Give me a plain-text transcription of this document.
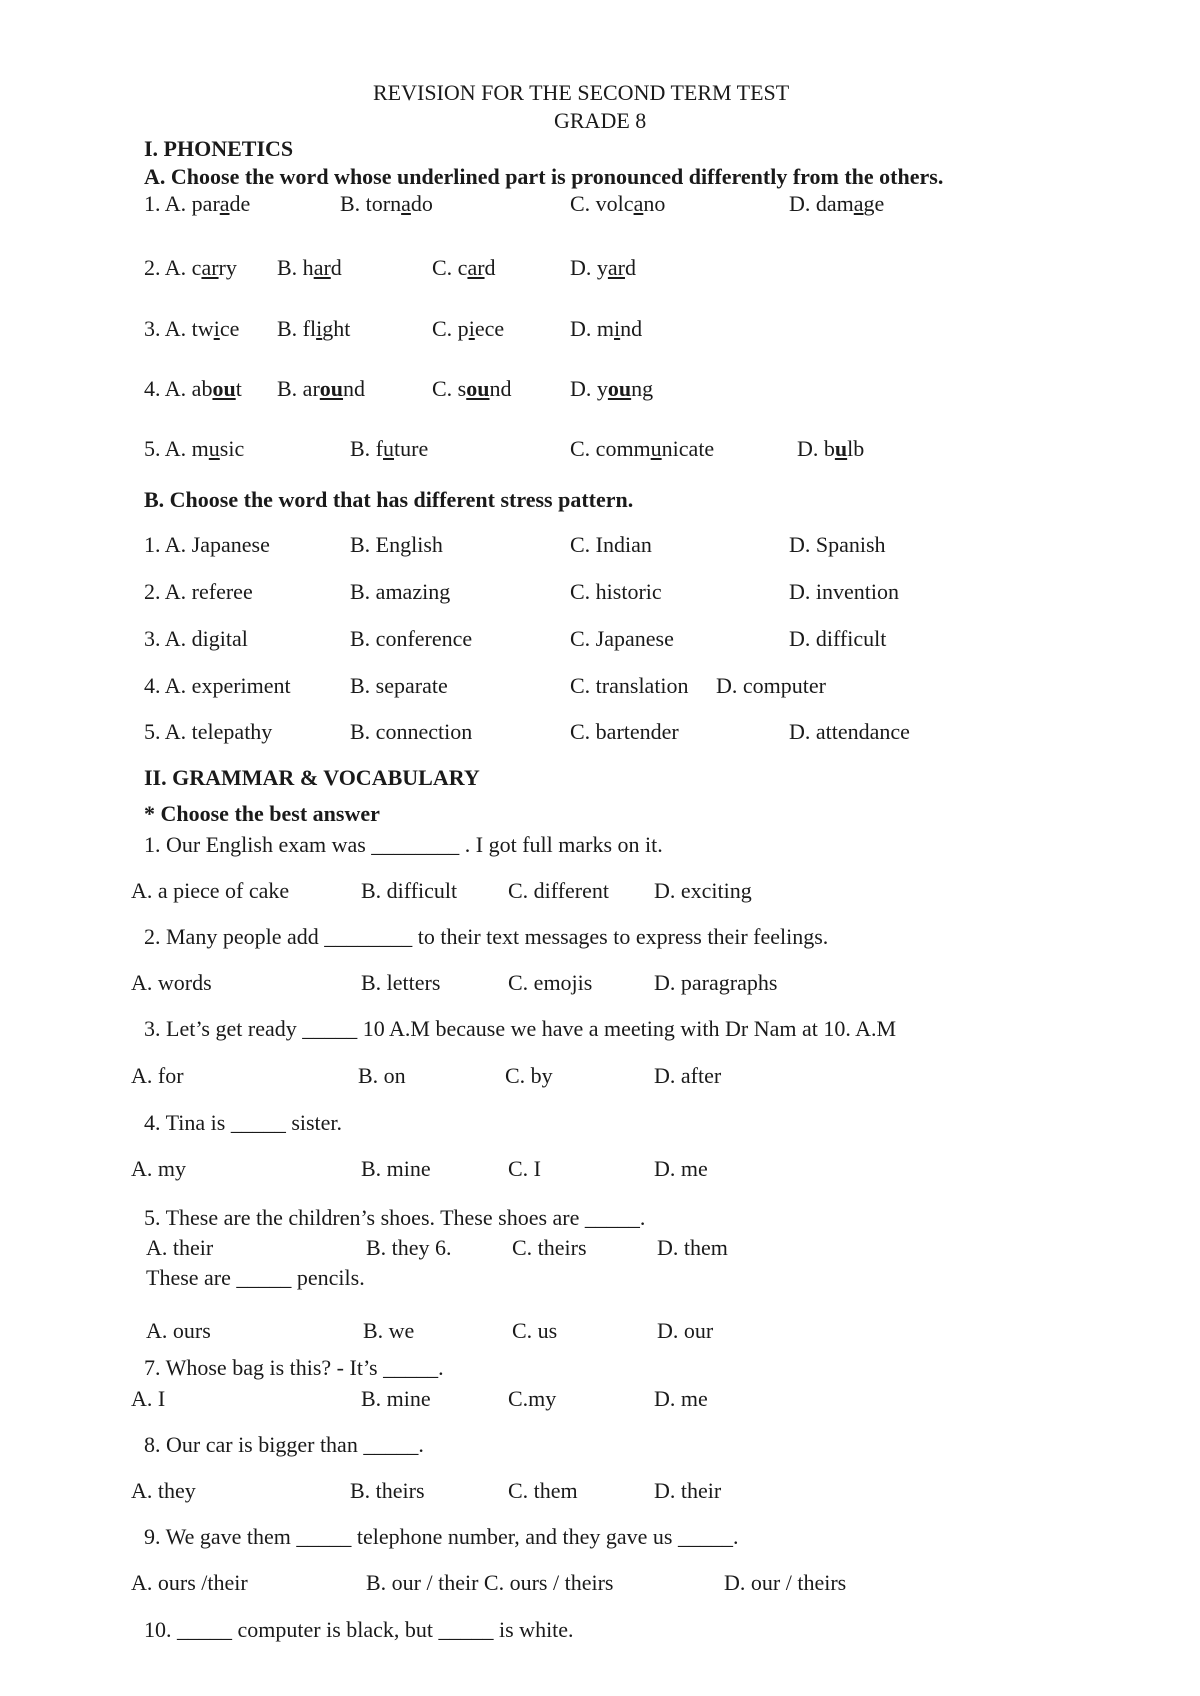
REVISION FOR THE SECOND TERM TEST
GRADE 8
I. PHONETICS
A. Choose the word whose underlined part is pronounced differently from the others.
1. A. parade	B. tornado	C. volcano	D. damage
2. A. carry B. hard	C. card	D. yard
3. A. twice B. flight	C. piece	D. mind
4. A. about B. around	C. sound	D. young
5. A. music	B. future	C. communicate	D. bulb
B. Choose the word that has different stress pattern.
1. A. Japanese	B. English	C. Indian	D. Spanish
2. A. referee	B. amazing	C. historic	D. invention
3. A. digital	B. conference	C. Japanese	D. difficult
4. A. experiment	B. separate	C. translation D. computer
5. A. telepathy	B. connection	C. bartender	D. attendance
II. GRAMMAR & VOCABULARY
* Choose the best answer
1. Our English exam was ________ . I got full marks on it.
A. a piece of cake	B. difficult C. different D. exciting
2. Many people add ________ to their text messages to express their feelings.
A. words	B. letters	C. emojis	D. paragraphs
3. Let’s get ready _____ 10 A.M because we have a meeting with Dr Nam at 10. A.M
A. for	B. on	C. by	D. after
4. Tina is _____ sister.
A. my	B. mine	C. I	D. me
5. These are the children’s shoes. These shoes are _____.
A. their	B. they 6.	C. theirs	D. them
These are _____ pencils.
A. ours	B. we	C. us	D. our
7. Whose bag is this? - It’s _____.
A. I	B. mine	C.my	D. me
8. Our car is bigger than _____.
A. they	B. theirs	C. them	D. their
9. We gave them _____ telephone number, and they gave us _____.
A. ours /their	B. our / their C. ours / theirs	D. our / theirs
10. _____ computer is black, but _____ is white.
